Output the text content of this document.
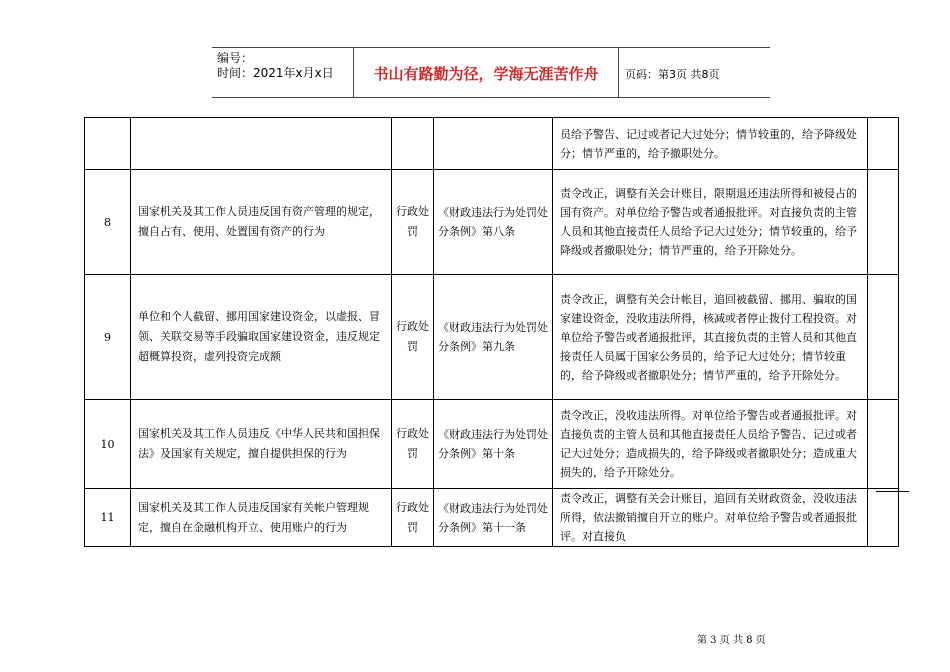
编号：
时间：2021年x月x日	书山有路勤为径，学海无涯苦作舟	页码：第3页 共8页
				员给予警告、记过或者记大过处分；情节较重的，给予降级处分；情节严重的，给予撤职处分。	
8	国家机关及其工作人员违反国有资产管理的规定，擅自占有、使用、处置国有资产的行为	行政处罚	《财政违法行为处罚处分条例》第八条	责令改正，调整有关会计账目，限期退还违法所得和被侵占的国有资产。对单位给予警告或者通报批评。对直接负责的主管人员和其他直接责任人员给予记大过处分；情节较重的，给予降级或者撤职处分；情节严重的，给予开除处分。	
9	单位和个人截留、挪用国家建设资金，以虚报、冒领、关联交易等手段骗取国家建设资金，违反规定超概算投资，虚列投资完成额	行政处罚	《财政违法行为处罚处分条例》第九条	责令改正，调整有关会计帐目，追回被截留、挪用、骗取的国家建设资金，没收违法所得，核减或者停止拨付工程投资。对单位给予警告或者通报批评，其直接负责的主管人员和其他直接责任人员属于国家公务员的，给予记大过处分；情节较重的，给予降级或者撤职处分；情节严重的，给予开除处分。	
10	国家机关及其工作人员违反《中华人民共和国担保法》及国家有关规定，擅自提供担保的行为	行政处罚	《财政违法行为处罚处分条例》第十条	责令改正，没收违法所得。对单位给予警告或者通报批评。对直接负责的主管人员和其他直接责任人员给予警告、记过或者记大过处分；造成损失的，给予降级或者撤职处分；造成重大损失的，给予开除处分。	
11	国家机关及其工作人员违反国家有关帐户管理规定，擅自在金融机构开立、使用账户的行为	行政处罚	《财政违法行为处罚处分条例》第十一条	责令改正，调整有关会计账目，追回有关财政资金，没收违法所得，依法撤销擅自开立的账户。对单位给予警告或者通报批评。对直接负	
第 3 页 共 8 页
